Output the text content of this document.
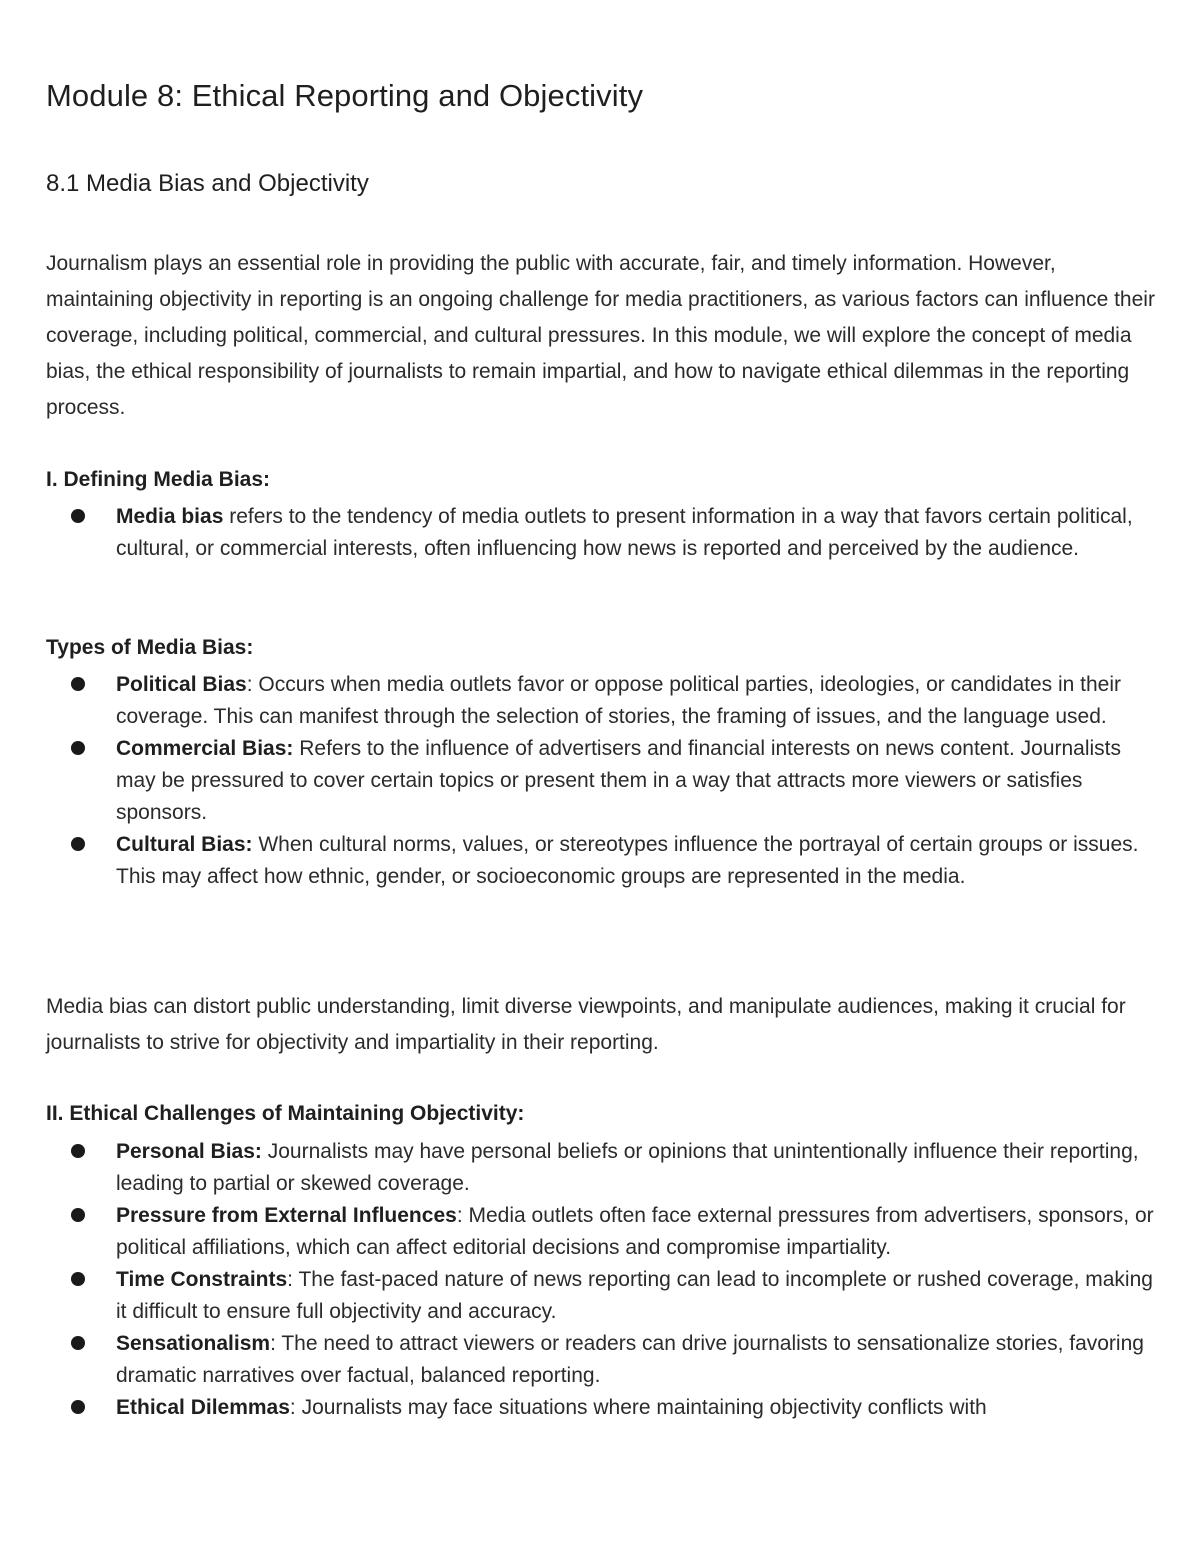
Module 8: Ethical Reporting and Objectivity
8.1 Media Bias and Objectivity

Journalism plays an essential role in providing the public with accurate, fair, and timely information. However, maintaining objectivity in reporting is an ongoing challenge for media practitioners, as various factors can influence their coverage, including political, commercial, and cultural pressures. In this module, we will explore the concept of media bias, the ethical responsibility of journalists to remain impartial, and how to navigate ethical dilemmas in the reporting process.

I. Defining Media Bias:

Media bias refers to the tendency of media outlets to present information in a way that favors certain political, cultural, or commercial interests, often influencing how news is reported and perceived by the audience.

Types of Media Bias:

Political Bias: Occurs when media outlets favor or oppose political parties, ideologies, or candidates in their coverage. This can manifest through the selection of stories, the framing of issues, and the language used.
Commercial Bias: Refers to the influence of advertisers and financial interests on news content. Journalists may be pressured to cover certain topics or present them in a way that attracts more viewers or satisfies sponsors.
Cultural Bias: When cultural norms, values, or stereotypes influence the portrayal of certain groups or issues. This may affect how ethnic, gender, or socioeconomic groups are represented in the media.

Media bias can distort public understanding, limit diverse viewpoints, and manipulate audiences, making it crucial for journalists to strive for objectivity and impartiality in their reporting.

II. Ethical Challenges of Maintaining Objectivity:

Personal Bias: Journalists may have personal beliefs or opinions that unintentionally influence their reporting, leading to partial or skewed coverage.
Pressure from External Influences: Media outlets often face external pressures from advertisers, sponsors, or political affiliations, which can affect editorial decisions and compromise impartiality.
Time Constraints: The fast-paced nature of news reporting can lead to incomplete or rushed coverage, making it difficult to ensure full objectivity and accuracy.
Sensationalism: The need to attract viewers or readers can drive journalists to sensationalize stories, favoring dramatic narratives over factual, balanced reporting.
Ethical Dilemmas: Journalists may face situations where maintaining objectivity conflicts with
